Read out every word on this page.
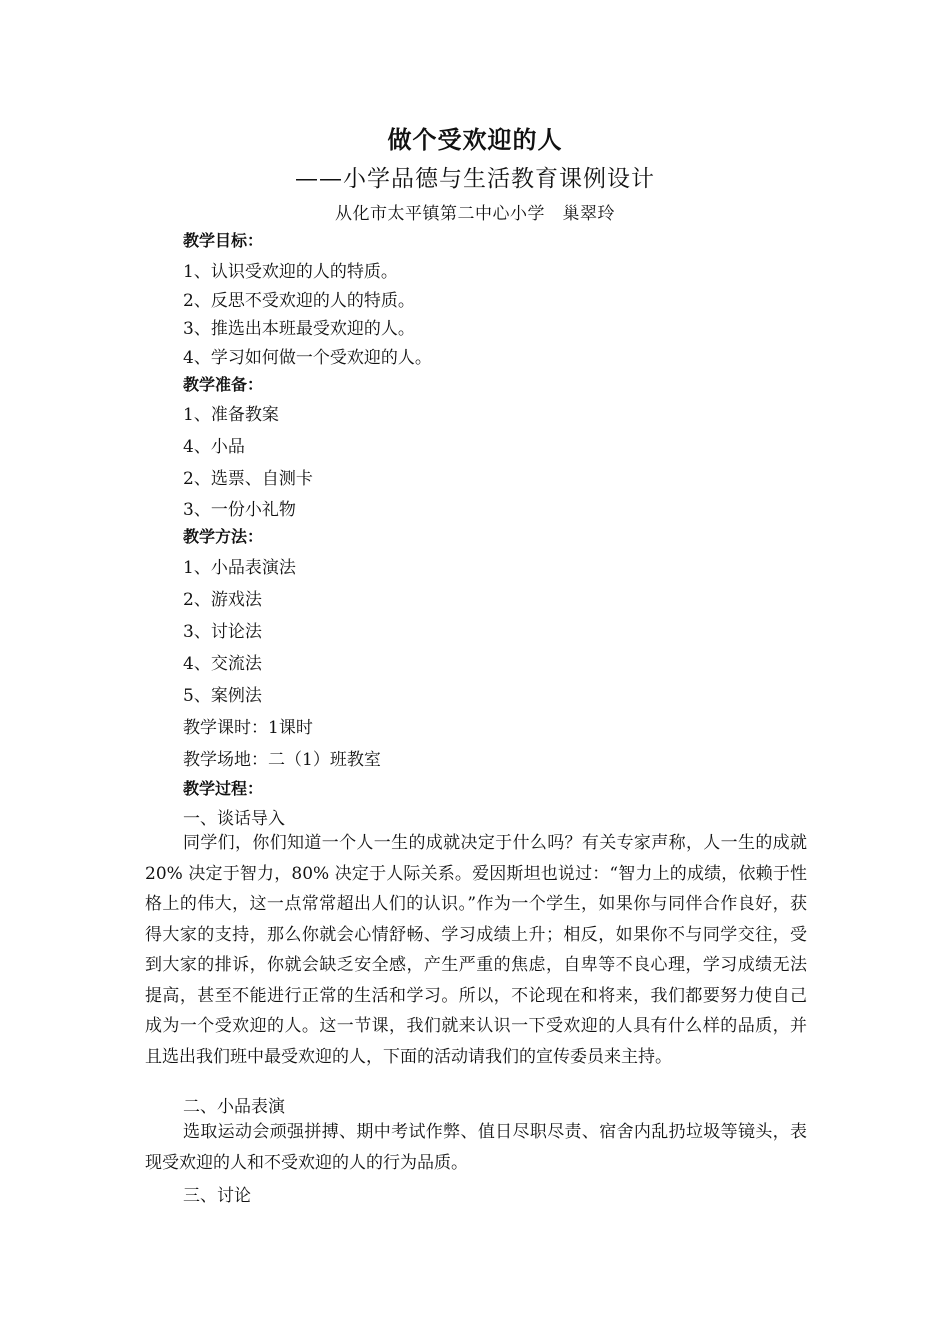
做个受欢迎的人
——小学品德与生活教育课例设计
从化市太平镇第二中心小学　巢翠玲
教学目标：
1、认识受欢迎的人的特质。
2、反思不受欢迎的人的特质。
3、推选出本班最受欢迎的人。
4、学习如何做一个受欢迎的人。
教学准备：
1、准备教案
4、小品
2、选票、自测卡
3、一份小礼物
教学方法：
1、小品表演法
2、游戏法
3、讨论法
4、交流法
5、案例法
教学课时：1课时
教学场地：二（1）班教室
教学过程：
一、谈话导入
同学们，你们知道一个人一生的成就决定于什么吗？有关专家声称，人一生的成就 20% 决定于智力，80% 决定于人际关系。爱因斯坦也说过：“智力上的成绩，依赖于性格上的伟大，这一点常常超出人们的认识。”作为一个学生，如果你与同伴合作良好，获得大家的支持，那么你就会心情舒畅、学习成绩上升；相反，如果你不与同学交往，受到大家的排诉，你就会缺乏安全感，产生严重的焦虑，自卑等不良心理，学习成绩无法提高，甚至不能进行正常的生活和学习。所以，不论现在和将来，我们都要努力使自己成为一个受欢迎的人。这一节课，我们就来认识一下受欢迎的人具有什么样的品质，并且选出我们班中最受欢迎的人，下面的活动请我们的宣传委员来主持。
二、小品表演
选取运动会顽强拼搏、期中考试作弊、值日尽职尽责、宿舍内乱扔垃圾等镜头，表现受欢迎的人和不受欢迎的人的行为品质。
三、讨论
